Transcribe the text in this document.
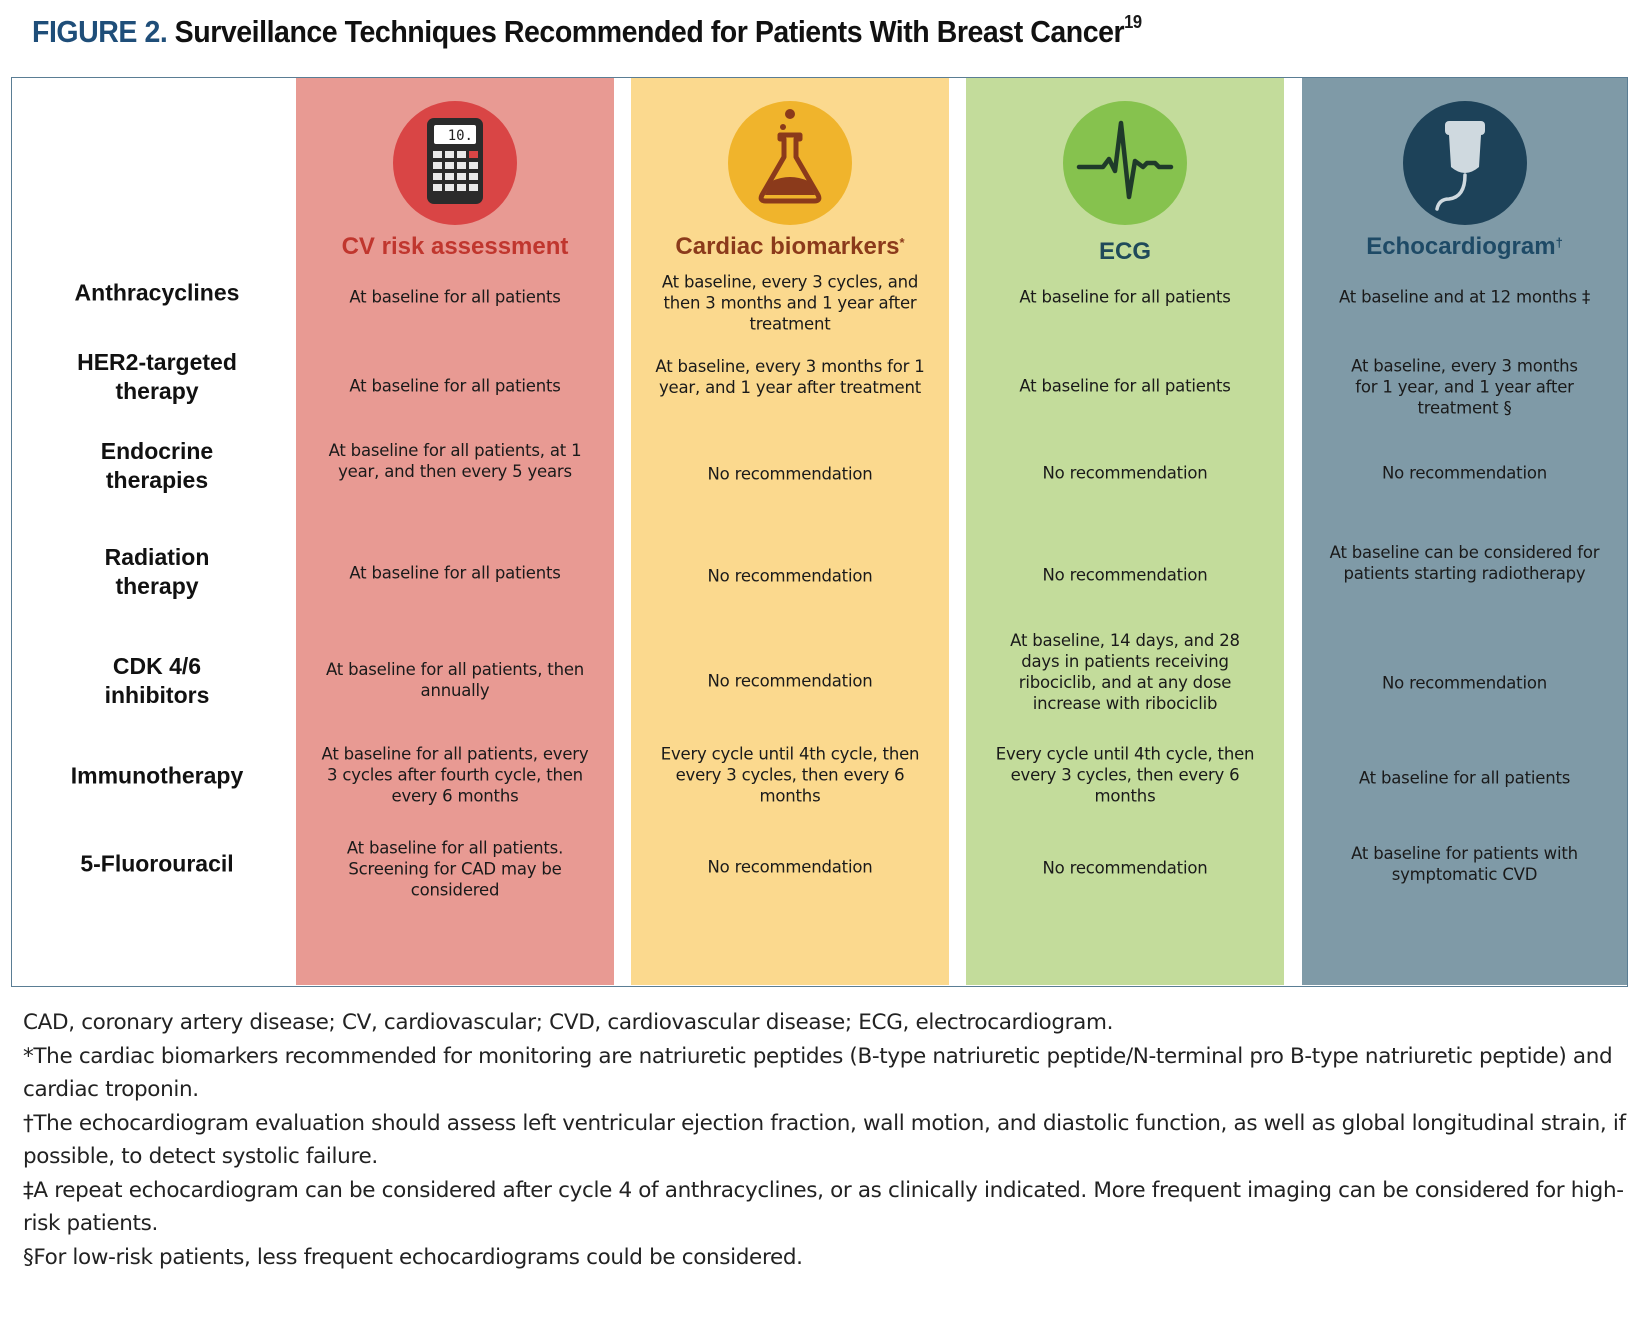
FIGURE 2. Surveillance Techniques Recommended for Patients With Breast Cancer$^{19}$
Anthracyclines
HER2-targeted therapy
Endocrine therapies
Radiation therapy
CDK 4/6 inhibitors
Immunotherapy
5-Fluorouracil
10.
CV risk assessment
At baseline for all patients
At baseline for all patients
At baseline for all patients, at 1 year, and then every 5 years
At baseline for all patients
At baseline for all patients, then annually
At baseline for all patients, every 3 cycles after fourth cycle, then every 6 months
At baseline for all patients. Screening for CAD may be considered
Cardiac biomarkers*
At baseline, every 3 cycles, and then 3 months and 1 year after treatment
At baseline, every 3 months for 1 year, and 1 year after treatment
No recommendation
No recommendation
No recommendation
Every cycle until 4th cycle, then every 3 cycles, then every 6 months
No recommendation
ECG
At baseline for all patients
At baseline for all patients
No recommendation
No recommendation
At baseline, 14 days, and 28 days in patients receiving ribociclib, and at any dose increase with ribociclib
Every cycle until 4th cycle, then every 3 cycles, then every 6 months
No recommendation
Echocardiogram†
At baseline and at 12 months ‡
At baseline, every 3 months for 1 year, and 1 year after treatment §
No recommendation
At baseline can be considered for patients starting radiotherapy
No recommendation
At baseline for all patients
At baseline for patients with symptomatic CVD

CAD, coronary artery disease; CV, cardiovascular; CVD, cardiovascular disease; ECG, electrocardiogram.

*The cardiac biomarkers recommended for monitoring are natriuretic peptides (B-type natriuretic peptide/N-terminal pro B-type natriuretic peptide) and cardiac troponin.

†The echocardiogram evaluation should assess left ventricular ejection fraction, wall motion, and diastolic function, as well as global longitudinal strain, if possible, to detect systolic failure.

‡A repeat echocardiogram can be considered after cycle 4 of anthracyclines, or as clinically indicated. More frequent imaging can be considered for high-risk patients.

§For low-risk patients, less frequent echocardiograms could be considered.
